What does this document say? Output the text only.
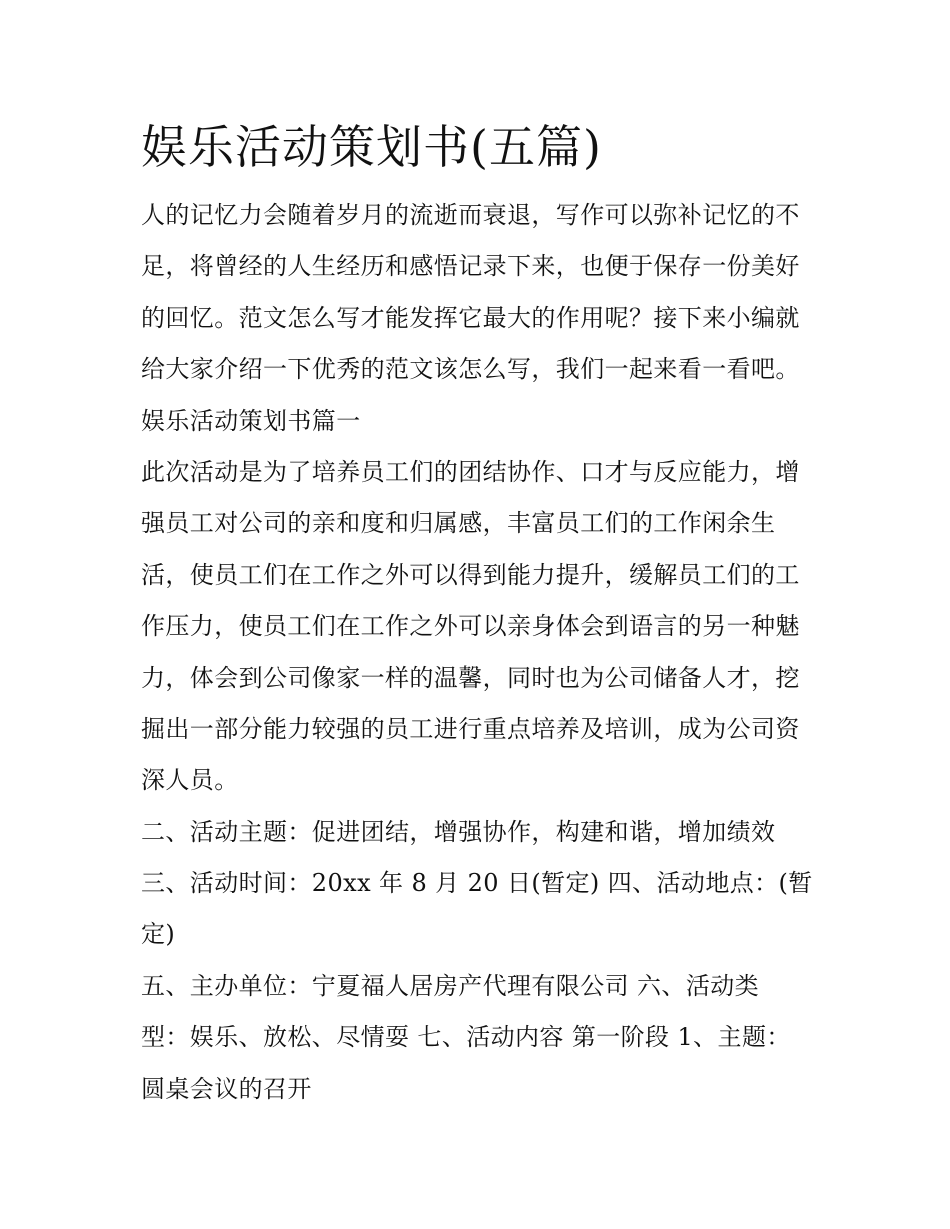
娱乐活动策划书(五篇)
人的记忆力会随着岁月的流逝而衰退，写作可以弥补记忆的不
足，将曾经的人生经历和感悟记录下来，也便于保存一份美好
的回忆。范文怎么写才能发挥它最大的作用呢？接下来小编就
给大家介绍一下优秀的范文该怎么写，我们一起来看一看吧。
娱乐活动策划书篇一
此次活动是为了培养员工们的团结协作、口才与反应能力，增
强员工对公司的亲和度和归属感，丰富员工们的工作闲余生
活，使员工们在工作之外可以得到能力提升，缓解员工们的工
作压力，使员工们在工作之外可以亲身体会到语言的另一种魅
力，体会到公司像家一样的温馨，同时也为公司储备人才，挖
掘出一部分能力较强的员工进行重点培养及培训，成为公司资
深人员。
二、活动主题：促进团结，增强协作，构建和谐，增加绩效
三、活动时间：20xx 年 8 月 20 日(暂定) 四、活动地点：(暂
定)
五、主办单位：宁夏福人居房产代理有限公司 六、活动类
型：娱乐、放松、尽情耍 七、活动内容 第一阶段 1、主题：
圆桌会议的召开
